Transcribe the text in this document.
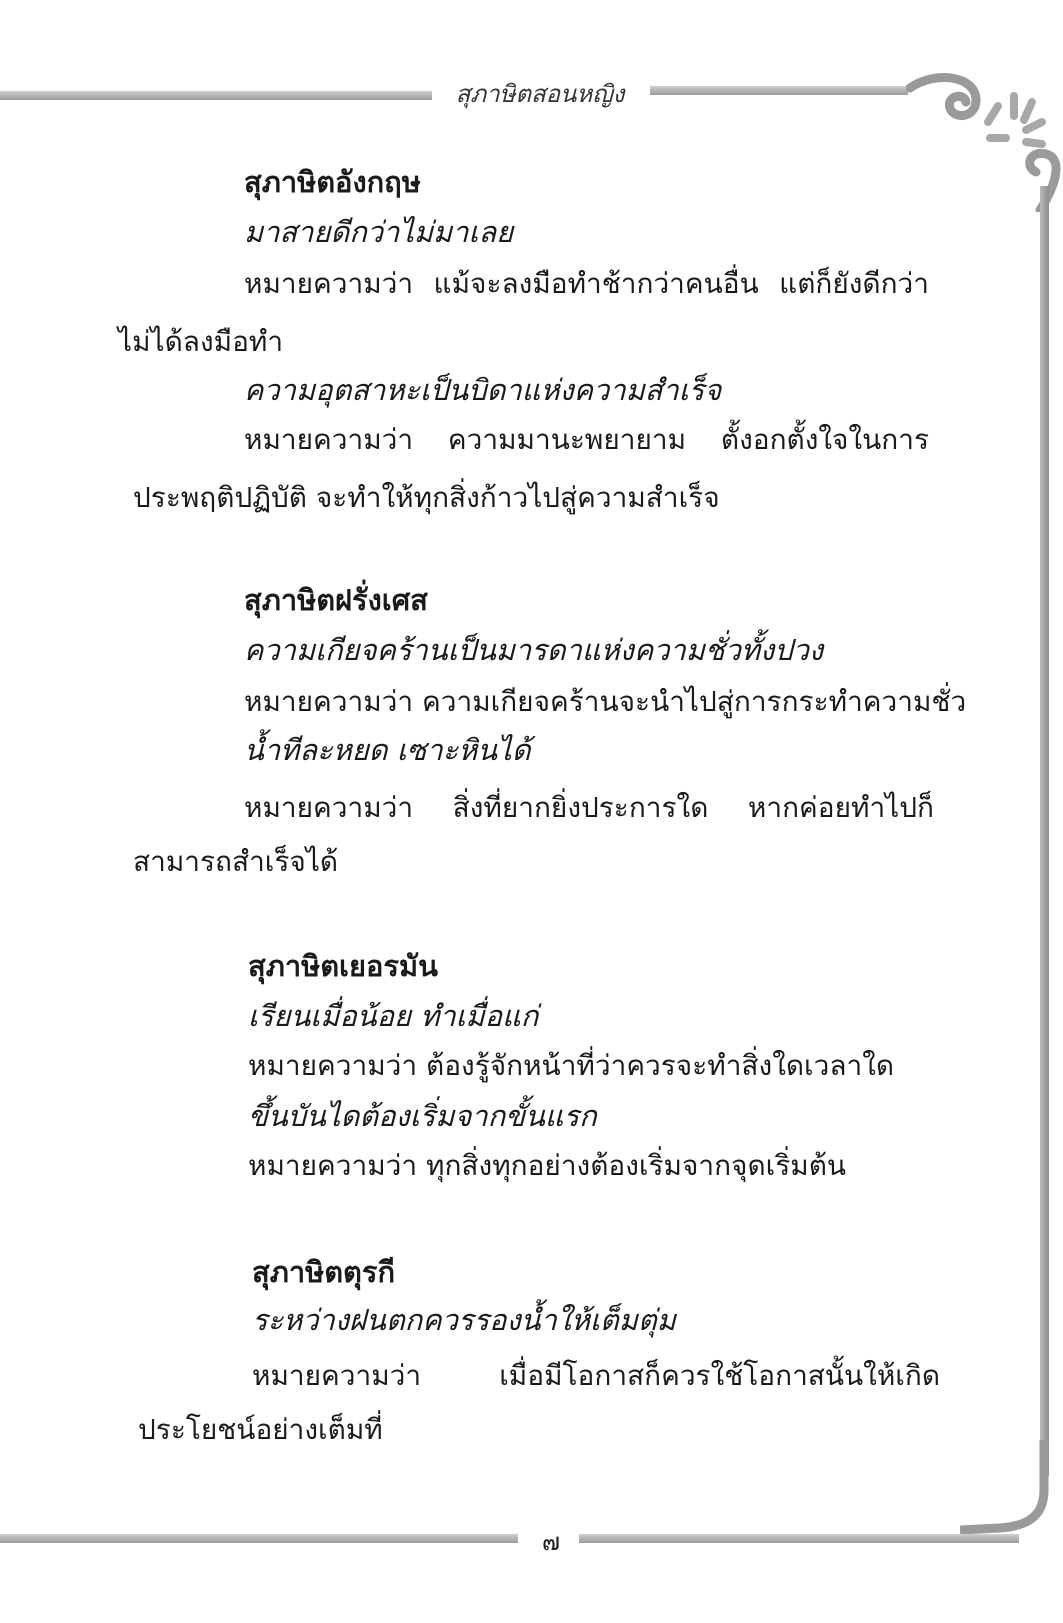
สุภาษิตสอนหญิง
สุภาษิตอังกฤษ
มาสายดีกว่าไม่มาเลย
หมายความว่า แม้จะลงมือทำช้ากว่าคนอื่น แต่ก็ยังดีกว่า
ไม่ได้ลงมือทำ
ความอุตสาหะเป็นบิดาแห่งความสำเร็จ
หมายความว่า ความมานะพยายาม ตั้งอกตั้งใจในการ
ประพฤติปฏิบัติ จะทำให้ทุกสิ่งก้าวไปสู่ความสำเร็จ
สุภาษิตฝรั่งเศส
ความเกียจคร้านเป็นมารดาแห่งความชั่วทั้งปวง
หมายความว่า ความเกียจคร้านจะนำไปสู่การกระทำความชั่ว
น้ำทีละหยด เซาะหินได้
หมายความว่า สิ่งที่ยากยิ่งประการใด หากค่อยทำไปก็
สามารถสำเร็จได้
สุภาษิตเยอรมัน
เรียนเมื่อน้อย ทำเมื่อแก่
หมายความว่า ต้องรู้จักหน้าที่ว่าควรจะทำสิ่งใดเวลาใด
ขึ้นบันไดต้องเริ่มจากขั้นแรก
หมายความว่า ทุกสิ่งทุกอย่างต้องเริ่มจากจุดเริ่มต้น
สุภาษิตตุรกี
ระหว่างฝนตกควรรองน้ำให้เต็มตุ่ม
หมายความว่า	เมื่อมีโอกาสก็ควรใช้โอกาสนั้นให้เกิด
ประโยชน์อย่างเต็มที่
๗
